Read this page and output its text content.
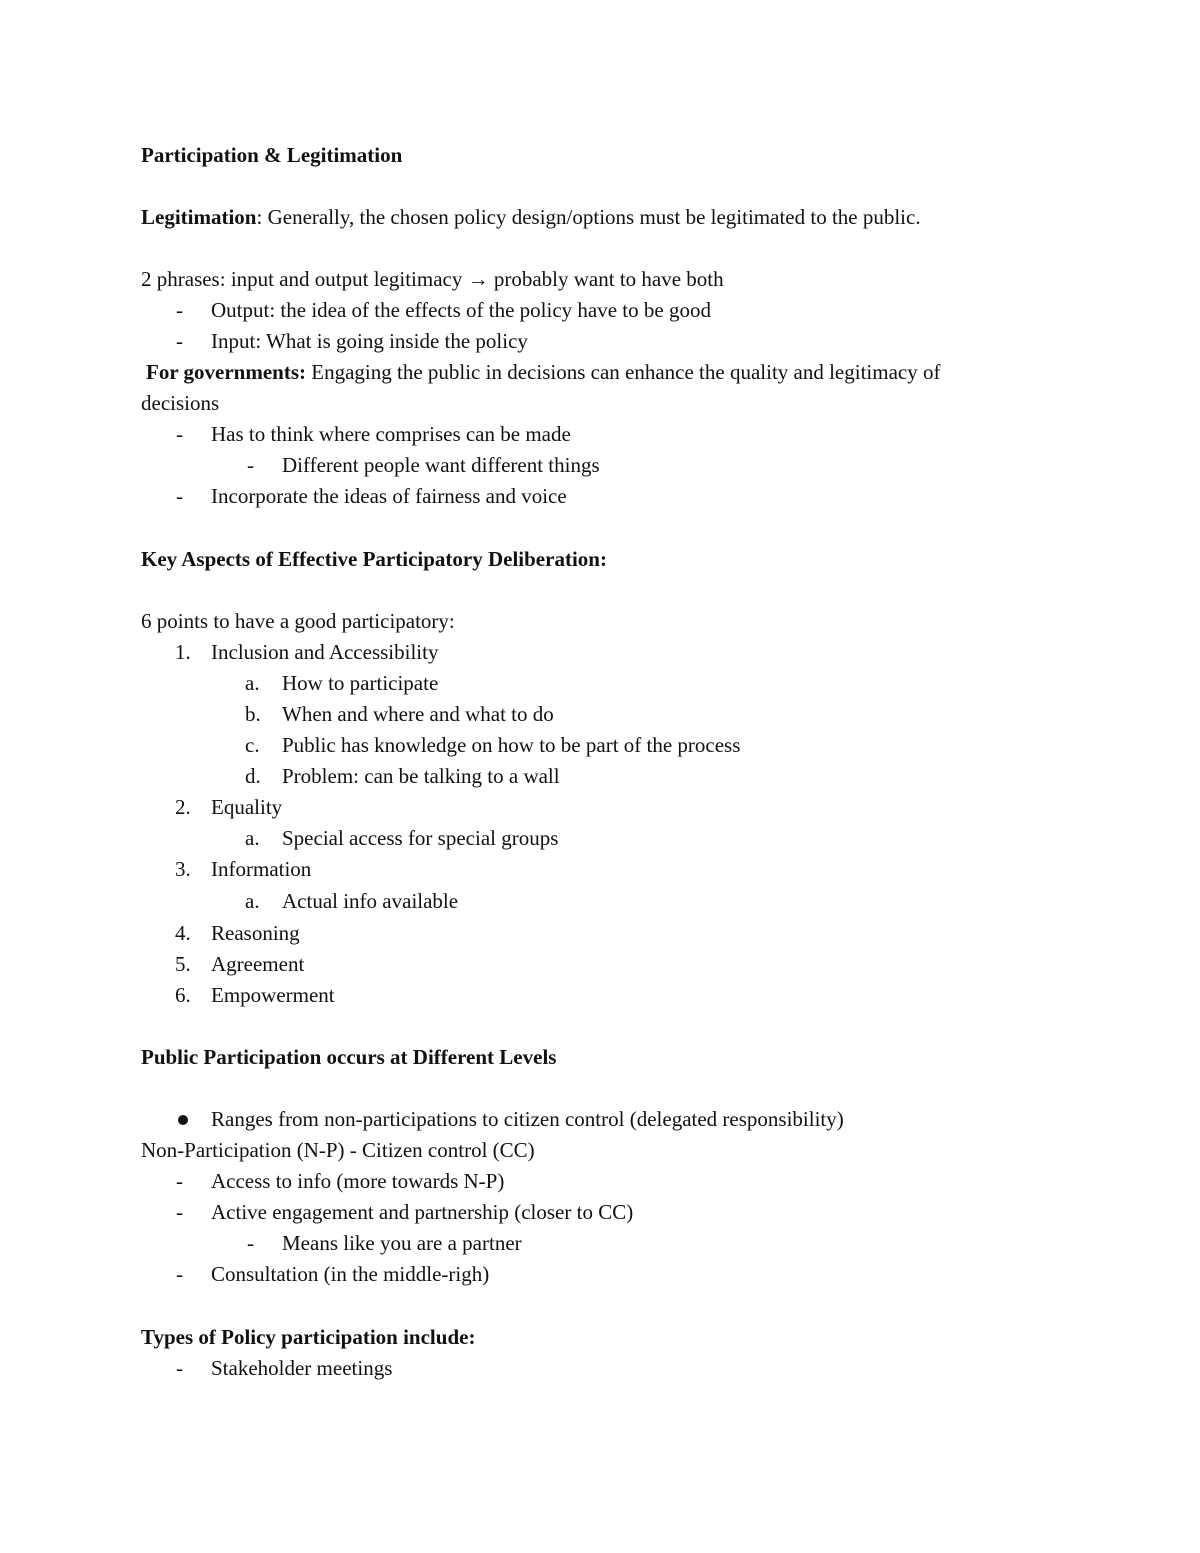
Participation & Legitimation
Legitimation: Generally, the chosen policy design/options must be legitimated to the public.
2 phrases: input and output legitimacy → probably want to have both
- Output: the idea of the effects of the policy have to be good
- Input: What is going inside the policy
For governments: Engaging the public in decisions can enhance the quality and legitimacy of
decisions
- Has to think where comprises can be made
- Different people want different things
- Incorporate the ideas of fairness and voice
Key Aspects of Effective Participatory Deliberation:
6 points to have a good participatory:
1. Inclusion and Accessibility
a. How to participate
b. When and where and what to do
c. Public has knowledge on how to be part of the process
d. Problem: can be talking to a wall
2. Equality
a. Special access for special groups
3. Information
a. Actual info available
4. Reasoning
5. Agreement
6. Empowerment
Public Participation occurs at Different Levels
Ranges from non-participations to citizen control (delegated responsibility)
Non-Participation (N-P) - Citizen control (CC)
- Access to info (more towards N-P)
- Active engagement and partnership (closer to CC)
- Means like you are a partner
- Consultation (in the middle-righ)
Types of Policy participation include:
- Stakeholder meetings
